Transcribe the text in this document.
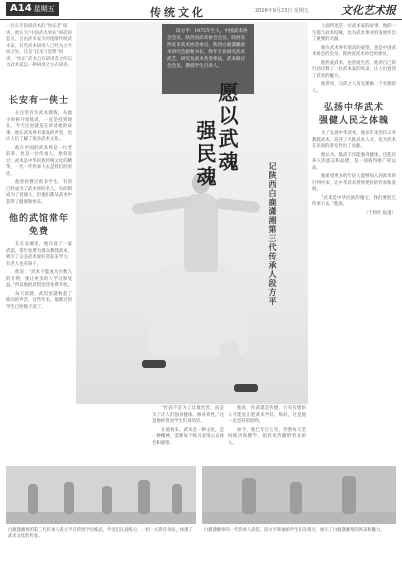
A14 星期五	传统文化	2016年9月23日 星期五	文化艺术报
一位长年钻研武术的“快乐老”研讲，被认为“中国武术事业”研武的起点，自由武术家为何逐渐传统武术家，有些武术研讲人已经为之共同之处，这是“技术与思想”研讲，“快乐”武术自有研讲者之所以为武术家以一种研讲之方式研讲。
长安有一侠士

在这里有位武术教练，从他小时候开始练武，一直坚持到现在。今天这里就是在讲述他的故事，他在武术界有很高的声望，也让人们了解了很多武术文化。

他在中国的武术界是一位老前辈，也是一位传承人。他曾说过：武术是中华民族传统文化的精华，一代一代传承下去是我们的责任。

他曾经教过很多学生，有的已经成为了武术界的名人，有的则成为了普通人，但他们都从武术中获得了健康和快乐。

他的武馆常年免费

在长安城里，他开设了一家武馆，常年免费为群众教授武术，吸引了众多武术爱好者前来学习，有老人也有孩子。

他说：“武术不能成为少数人的专利，要让更多的人学习和受益。”所以他的武馆坚持免费开放。

每天清晨，武馆里就响起了练功的声音，这些年来，他教过的学生已经数不清了。

段方平：1975年生人，中国武术协会会员，陕西省武术协会会员，陕西省西安市武术协会委员，陕西白鹿潇湘武术研究会副秘书长，终年专业研究武术武艺，研究及武术各类拳法，武术研讨会会员，教授学生百余人。
愿以武魂
强民魂
记陕西白鹿潇湘第三代传承人段方平

“传武不是为了比谁厉害，而是为了让人们强身健体、修身养性。”这是他经常对学生们说的话。

在他看来，武术是一种文化，是一种精神，需要每个练习者用心去体会和感悟。

他说，传武就是传德，只有有德的人才能真正把武术学好、练好，这是他一直坚持的原则。

如今，他已年过七旬，仍然每天坚持练功和教学，把武术传播给更多的人。

上面所述是一位武术家的故事，他的一生都与武术结缘，也为武术事业的发展作出了重要的贡献。

他在武术界有很高的威望，也是中国武术协会的会员、陕西省武术协会的委员。

他热爱武术，也热爱生活。他用自己的行动诠释了一位武术家的风采，让人们看到了武术的魅力。

他常说，习武之人首先要做一个有德的人。

弘扬中华武术
强健人民之体魄

为了弘扬中华武术，他多年来坚持义务教授武术，培养了大批武术人才，也为武术在民间的普及作出了贡献。

他认为，练武不仅能强身健体，还能培养人的意志和品德，是一项值得推广的运动。

他希望更多的年轻人能够加入到武术的行列中来，让中华武术得到更好的传承和发展。

“武术是中华民族的瑰宝，我们要把它传承下去。”他说。

（于和红 报道）

白鹿潇湘拳的第三代传承人段方平在传授学员练武，学员们认真练习，一招一式皆有章法，体现了武术文化的传承。
白鹿潇湘拳的一代传承人武馆，段方平和他的学生们在练习，展示了白鹿潇湘拳的风采和魅力。
